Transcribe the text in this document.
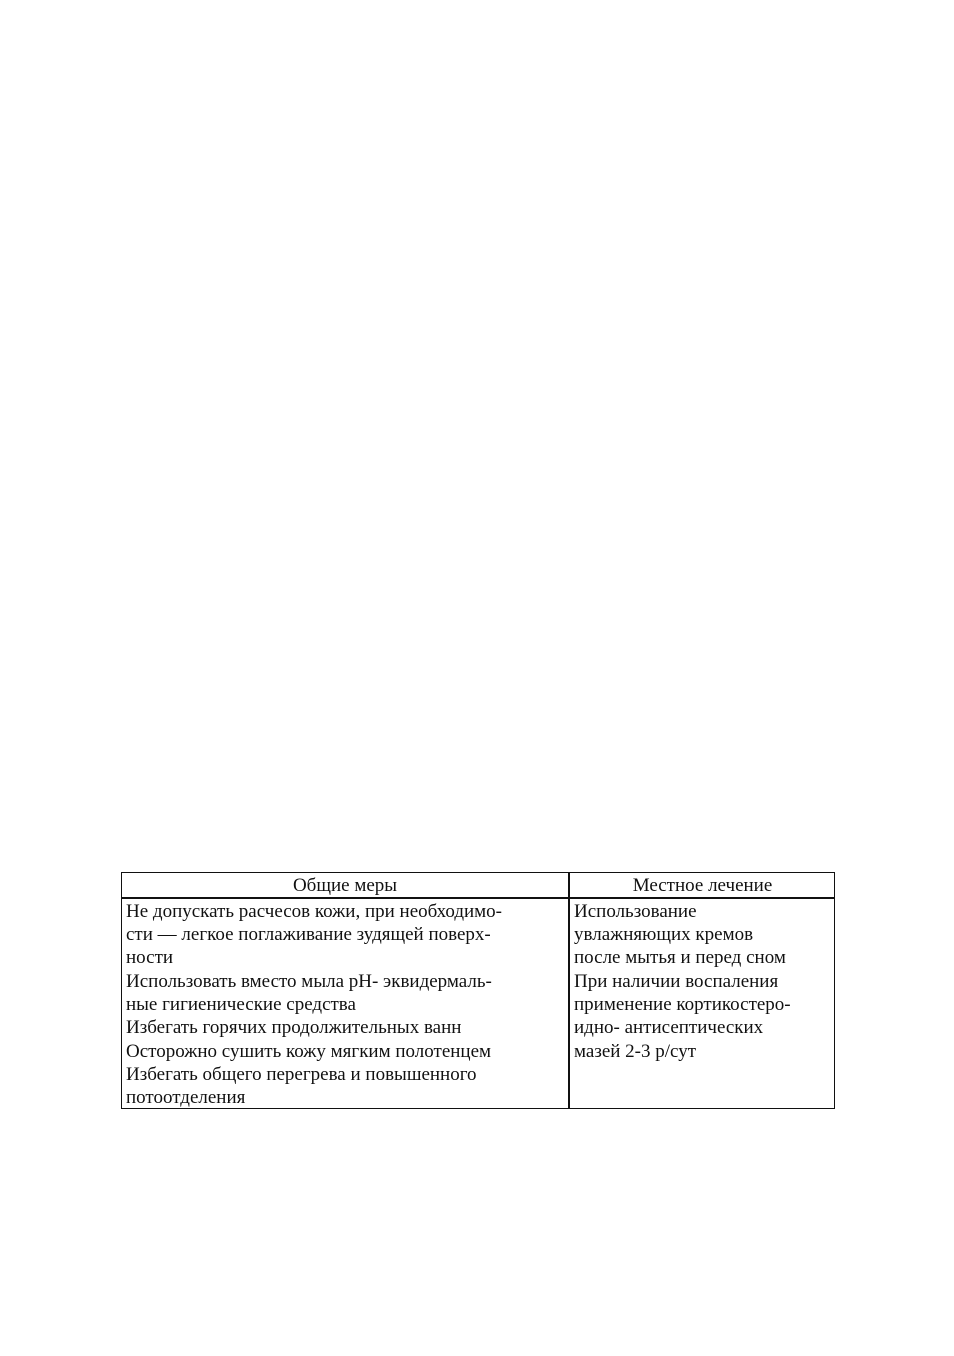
Общие меры	Местное лечение
Не допускать расчесов кожи, при необходимо-
сти — легкое поглаживание зудящей поверх-
ности
Использовать вместо мыла рН- эквидермаль-
ные гигиенические средства
Избегать горячих продолжительных ванн
Осторожно сушить кожу мягким полотенцем
Избегать общего перегрева и повышенного
потоотделения
Использование
увлажняющих кремов
после мытья и перед сном
При наличии воспаления
применение кортикостеро-
идно- антисептических
мазей 2-3 р/сут
